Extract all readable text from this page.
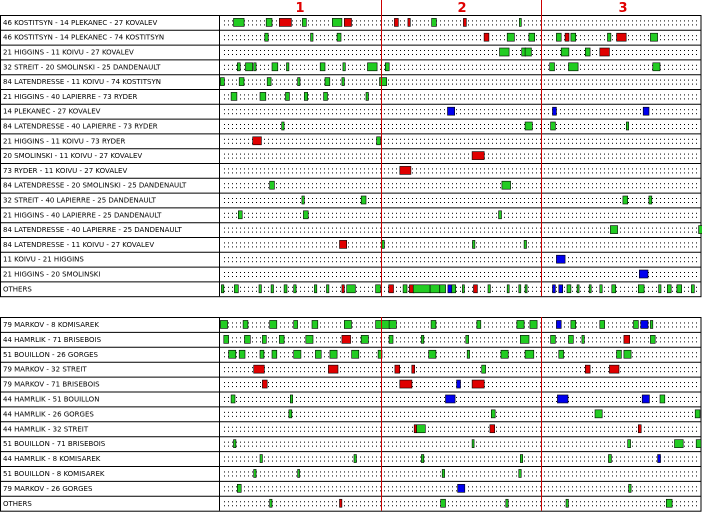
1	2	3
46 KOSTITSYN - 14 PLEKANEC - 27 KOVALEV
46 KOSTITSYN - 14 PLEKANEC - 74 KOSTITSYN
21 HIGGINS - 11 KOIVU - 27 KOVALEV
32 STREIT - 20 SMOLINSKI - 25 DANDENAULT
84 LATENDRESSE - 11 KOIVU - 74 KOSTITSYN
21 HIGGINS - 40 LAPIERRE - 73 RYDER
14 PLEKANEC - 27 KOVALEV
84 LATENDRESSE - 40 LAPIERRE - 73 RYDER
21 HIGGINS - 11 KOIVU - 73 RYDER
20 SMOLINSKI - 11 KOIVU - 27 KOVALEV
73 RYDER - 11 KOIVU - 27 KOVALEV
84 LATENDRESSE - 20 SMOLINSKI - 25 DANDENAULT
32 STREIT - 40 LAPIERRE - 25 DANDENAULT
21 HIGGINS - 40 LAPIERRE - 25 DANDENAULT
84 LATENDRESSE - 40 LAPIERRE - 25 DANDENAULT
84 LATENDRESSE - 11 KOIVU - 27 KOVALEV
11 KOIVU - 21 HIGGINS
21 HIGGINS - 20 SMOLINSKI
OTHERS
79 MARKOV - 8 KOMISAREK
44 HAMRLIK - 71 BRISEBOIS
51 BOUILLON - 26 GORGES
79 MARKOV - 32 STREIT
79 MARKOV - 71 BRISEBOIS
44 HAMRLIK - 51 BOUILLON
44 HAMRLIK - 26 GORGES
44 HAMRLIK - 32 STREIT
51 BOUILLON - 71 BRISEBOIS
44 HAMRLIK - 8 KOMISAREK
51 BOUILLON - 8 KOMISAREK
79 MARKOV - 26 GORGES
OTHERS
